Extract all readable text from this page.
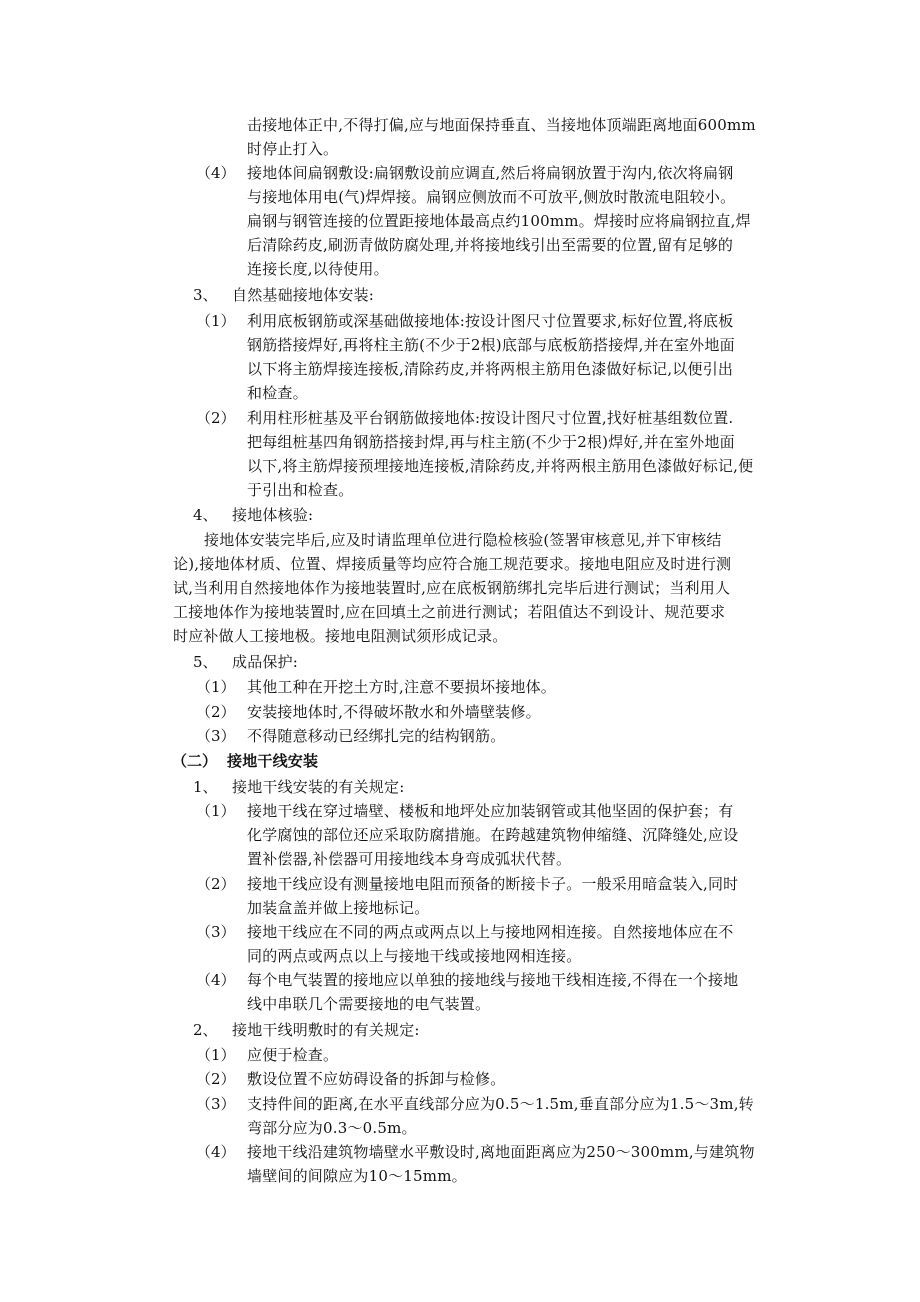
击接地体正中,不得打偏,应与地面保持垂直、当接地体顶端距离地面600mm
时停止打入。
（4） 接地体间扁钢敷设:扁钢敷设前应调直,然后将扁钢放置于沟内,依次将扁钢
与接地体用电(气)焊焊接。扁钢应侧放而不可放平,侧放时散流电阻较小。
扁钢与钢管连接的位置距接地体最高点约100mm。焊接时应将扁钢拉直,焊
后清除药皮,刷沥青做防腐处理,并将接地线引出至需要的位置,留有足够的
连接长度,以待使用。
3、 自然基础接地体安装:
（1） 利用底板钢筋或深基础做接地体:按设计图尺寸位置要求,标好位置,将底板
钢筋搭接焊好,再将柱主筋(不少于2根)底部与底板筋搭接焊,并在室外地面
以下将主筋焊接连接板,清除药皮,并将两根主筋用色漆做好标记,以便引出
和检查。
（2） 利用柱形桩基及平台钢筋做接地体:按设计图尺寸位置,找好桩基组数位置.
把每组桩基四角钢筋搭接封焊,再与柱主筋(不少于2根)焊好,并在室外地面
以下,将主筋焊接预埋接地连接板,清除药皮,并将两根主筋用色漆做好标记,便
于引出和检查。
4、 接地体核验:
接地体安装完毕后,应及时请监理单位进行隐检核验(签署审核意见,并下审核结
论),接地体材质、位置、焊接质量等均应符合施工规范要求。接地电阻应及时进行测
试,当利用自然接地体作为接地装置时,应在底板钢筋绑扎完毕后进行测试；当利用人
工接地体作为接地装置时,应在回填土之前进行测试；若阻值达不到设计、规范要求
时应补做人工接地极。接地电阻测试须形成记录。
5、 成品保护:
（1） 其他工种在开挖土方时,注意不要损坏接地体。
（2） 安装接地体时,不得破坏散水和外墙壁装修。
（3） 不得随意移动已经绑扎完的结构钢筋。
（二） 接地干线安装
1、 接地干线安装的有关规定:
（1） 接地干线在穿过墙壁、楼板和地坪处应加装钢管或其他坚固的保护套；有
化学腐蚀的部位还应采取防腐措施。在跨越建筑物伸缩缝、沉降缝处,应设
置补偿器,补偿器可用接地线本身弯成弧状代替。
（2） 接地干线应设有测量接地电阻而预备的断接卡子。一般采用暗盒装入,同时
加装盒盖并做上接地标记。
（3） 接地干线应在不同的两点或两点以上与接地网相连接。自然接地体应在不
同的两点或两点以上与接地干线或接地网相连接。
（4） 每个电气装置的接地应以单独的接地线与接地干线相连接,不得在一个接地
线中串联几个需要接地的电气装置。
2、 接地干线明敷时的有关规定:
（1） 应便于检查。
（2） 敷设位置不应妨碍设备的拆卸与检修。
（3） 支持件间的距离,在水平直线部分应为0.5～1.5m,垂直部分应为1.5～3m,转
弯部分应为0.3～0.5m。
（4） 接地干线沿建筑物墙壁水平敷设时,离地面距离应为250～300mm,与建筑物
墙壁间的间隙应为10～15mm。
